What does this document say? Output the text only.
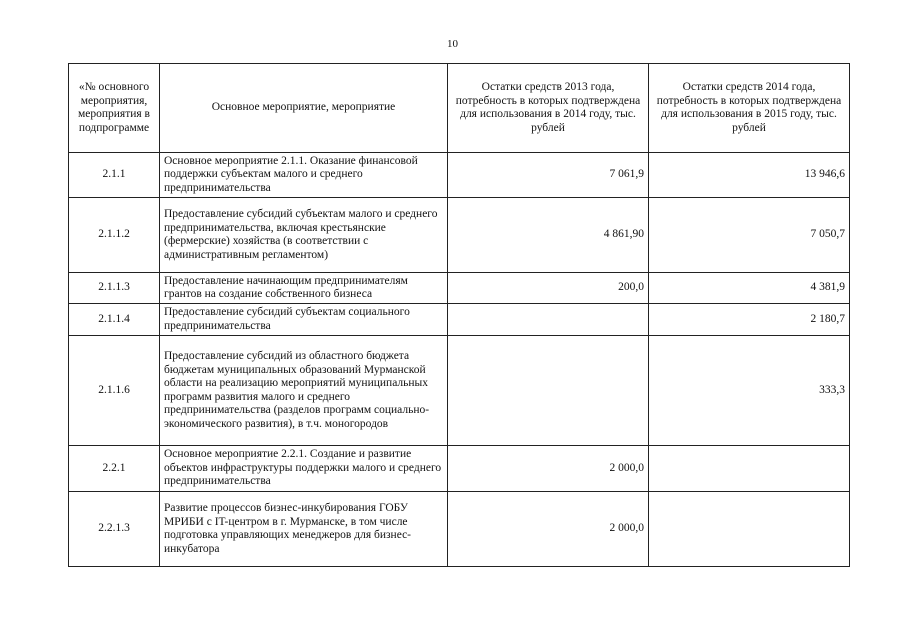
10
«№ основного мероприятия, мероприятия в подпрограмме	Основное мероприятие, мероприятие	Остатки средств 2013 года, потребность в которых подтверждена для использования в 2014 году, тыс. рублей	Остатки средств 2014 года, потребность в которых подтверждена для использования в 2015 году, тыс. рублей
2.1.1	Основное мероприятие 2.1.1. Оказание финансовой поддержки субъектам малого и среднего предпринимательства	7 061,9	13 946,6
2.1.1.2	Предоставление субсидий субъектам малого и среднего предпринимательства, включая крестьянские (фермерские) хозяйства (в соответствии с административным регламентом)	4 861,90	7 050,7
2.1.1.3	Предоставление начинающим предпринимателям грантов на создание собственного бизнеса	200,0	4 381,9
2.1.1.4	Предоставление субсидий субъектам социального предпринимательства		2 180,7
2.1.1.6	Предоставление субсидий из областного бюджета бюджетам муниципальных образований Мурманской области на реализацию мероприятий муниципальных программ развития малого и среднего предпринимательства (разделов программ социально-экономического развития), в т.ч. моногородов		333,3
2.2.1	Основное мероприятие 2.2.1. Создание и развитие объектов инфраструктуры поддержки малого и среднего предпринимательства	2 000,0	
2.2.1.3	Развитие процессов бизнес-инкубирования ГОБУ МРИБИ с IT-центром в г. Мурманске, в том числе подготовка управляющих менеджеров для бизнес-инкубатора	2 000,0	
